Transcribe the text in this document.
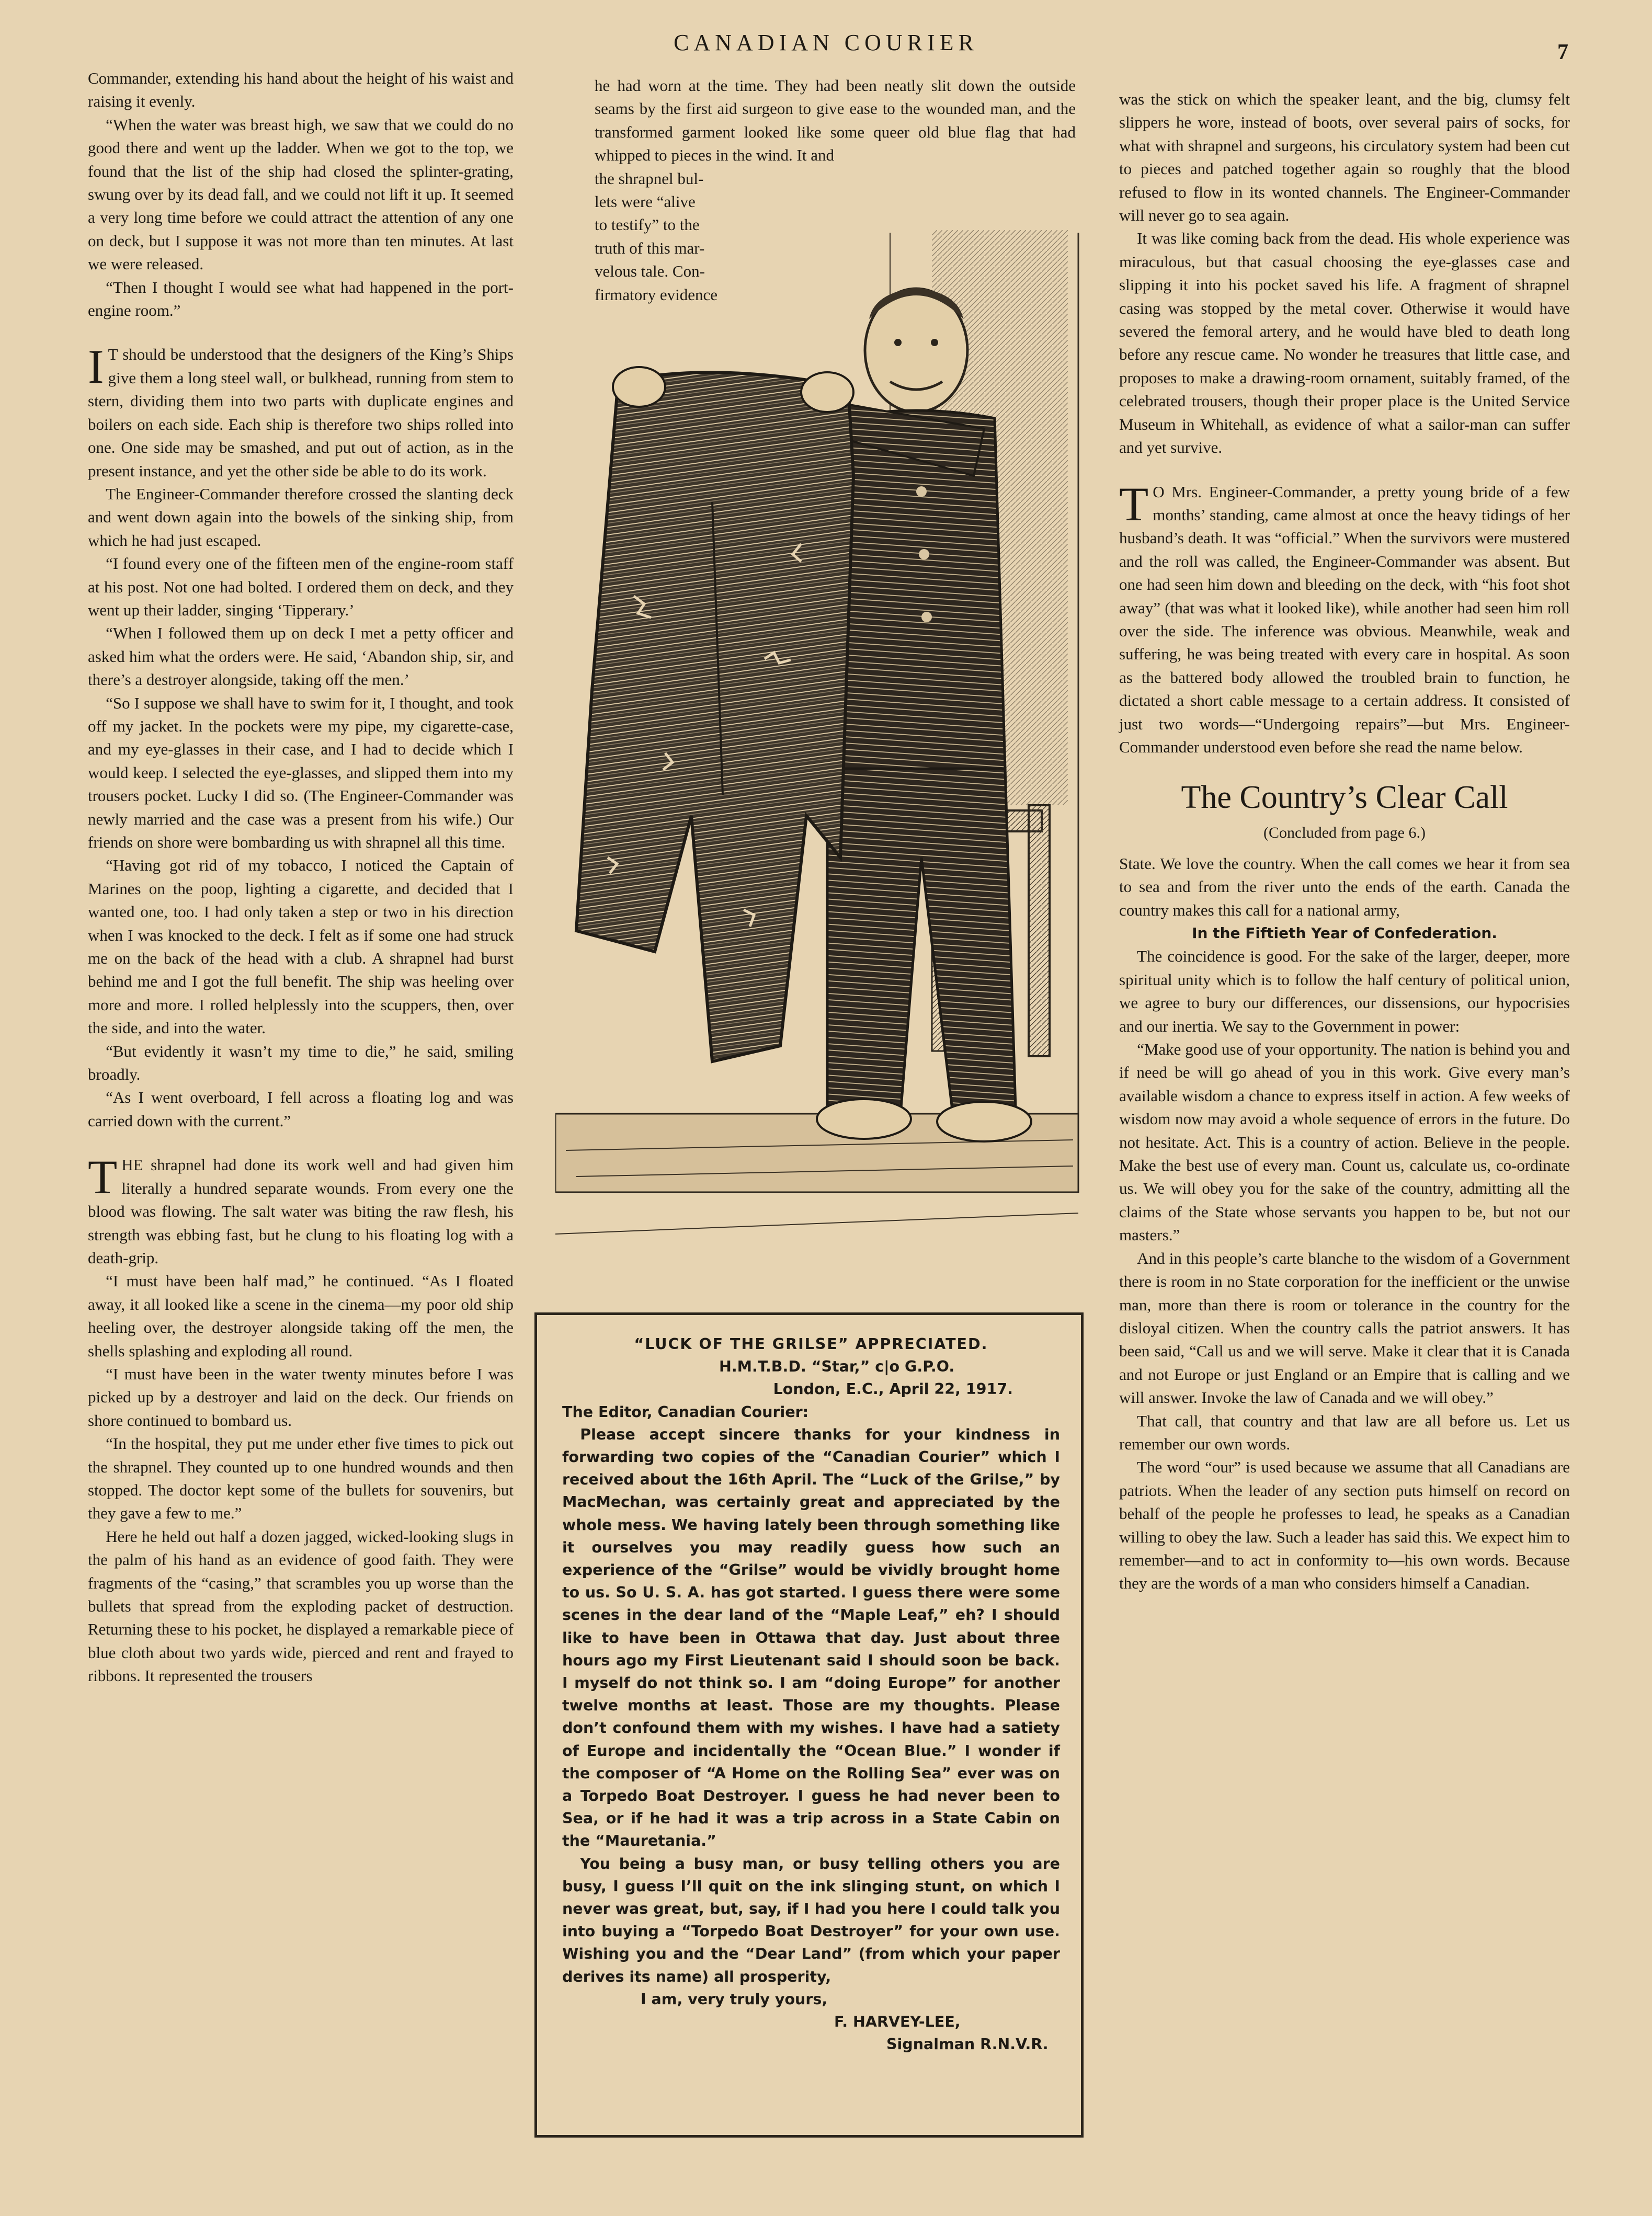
CANADIAN COURIER	7

Commander, extending his hand about the height of his waist and raising it evenly.

“When the water was breast high, we saw that we could do no good there and went up the ladder. When we got to the top, we found that the list of the ship had closed the splinter-grating, swung over by its dead fall, and we could not lift it up. It seemed a very long time before we could attract the attention of any one on deck, but I suppose it was not more than ten minutes. At last we were released.

“Then I thought I would see what had happened in the port-engine room.”

I T should be understood that the designers of the King’s Ships give them a long steel wall, or bulkhead, running from stem to stern, dividing them into two parts with duplicate engines and boilers on each side. Each ship is therefore two ships rolled into one. One side may be smashed, and put out of action, as in the present instance, and yet the other side be able to do its work.

The Engineer-Commander therefore crossed the slanting deck and went down again into the bowels of the sinking ship, from which he had just escaped.

“I found every one of the fifteen men of the engine-room staff at his post. Not one had bolted. I ordered them on deck, and they went up their ladder, singing ‘Tipperary.’

“When I followed them up on deck I met a petty officer and asked him what the orders were. He said, ‘Abandon ship, sir, and there’s a destroyer alongside, taking off the men.’

“So I suppose we shall have to swim for it, I thought, and took off my jacket. In the pockets were my pipe, my cigarette-case, and my eye-glasses in their case, and I had to decide which I would keep. I selected the eye-glasses, and slipped them into my trousers pocket. Lucky I did so. (The Engineer-Commander was newly married and the case was a present from his wife.) Our friends on shore were bombarding us with shrapnel all this time.

“Having got rid of my tobacco, I noticed the Captain of Marines on the poop, lighting a cigarette, and decided that I wanted one, too. I had only taken a step or two in his direction when I was knocked to the deck. I felt as if some one had struck me on the back of the head with a club. A shrapnel had burst behind me and I got the full benefit. The ship was heeling over more and more. I rolled helplessly into the scuppers, then, over the side, and into the water.

“But evidently it wasn’t my time to die,” he said, smiling broadly.

“As I went overboard, I fell across a floating log and was carried down with the current.”

THE shrapnel had done its work well and had given him literally a hundred separate wounds. From every one the blood was flowing. The salt water was biting the raw flesh, his strength was ebbing fast, but he clung to his floating log with a death-grip.

“I must have been half mad,” he continued. “As I floated away, it all looked like a scene in the cinema—my poor old ship heeling over, the destroyer alongside taking off the men, the shells splashing and exploding all round.

“I must have been in the water twenty minutes before I was picked up by a destroyer and laid on the deck. Our friends on shore continued to bombard us.

“In the hospital, they put me under ether five times to pick out the shrapnel. They counted up to one hundred wounds and then stopped. The doctor kept some of the bullets for souvenirs, but they gave a few to me.”

Here he held out half a dozen jagged, wicked-looking slugs in the palm of his hand as an evidence of good faith. They were fragments of the “casing,” that scrambles you up worse than the bullets that spread from the exploding packet of destruction. Returning these to his pocket, he displayed a remarkable piece of blue cloth about two yards wide, pierced and rent and frayed to ribbons. It represented the trousers

he had worn at the time. They had been neatly slit down the outside seams by the first aid surgeon to give ease to the wounded man, and the transformed garment looked like some queer old blue flag that had whipped to pieces in the wind. It and

the shrapnel bul-
lets were “alive
to testify” to the
truth of this mar-
velous tale. Con-
firmatory evidence
“LUCK OF THE GRILSE” APPRECIATED.
H.M.T.B.D. “Star,” c|o G.P.O.
London, E.C., April 22, 1917.
The Editor, Canadian Courier:

Please accept sincere thanks for your kindness in forwarding two copies of the “Canadian Courier” which I received about the 16th April. The “Luck of the Grilse,” by MacMechan, was certainly great and appreciated by the whole mess. We having lately been through something like it ourselves you may readily guess how such an experience of the “Grilse” would be vividly brought home to us. So U. S. A. has got started. I guess there were some scenes in the dear land of the “Maple Leaf,” eh? I should like to have been in Ottawa that day. Just about three hours ago my First Lieutenant said I should soon be back. I myself do not think so. I am “doing Europe” for another twelve months at least. Those are my thoughts. Please don’t confound them with my wishes. I have had a satiety of Europe and incidentally the “Ocean Blue.” I wonder if the composer of “A Home on the Rolling Sea” ever was on a Torpedo Boat Destroyer. I guess he had never been to Sea, or if he had it was a trip across in a State Cabin on the “Mauretania.”

You being a busy man, or busy telling others you are busy, I guess I’ll quit on the ink slinging stunt, on which I never was great, but, say, if I had you here I could talk you into buying a “Torpedo Boat Destroyer” for your own use. Wishing you and the “Dear Land” (from which your paper derives its name) all prosperity,

I am, very truly yours,
F. HARVEY-LEE,
Signalman R.N.V.R.

was the stick on which the speaker leant, and the big, clumsy felt slippers he wore, instead of boots, over several pairs of socks, for what with shrapnel and surgeons, his circulatory system had been cut to pieces and patched together again so roughly that the blood refused to flow in its wonted channels. The Engineer-Commander will never go to sea again.

It was like coming back from the dead. His whole experience was miraculous, but that casual choosing the eye-glasses case and slipping it into his pocket saved his life. A fragment of shrapnel casing was stopped by the metal cover. Otherwise it would have severed the femoral artery, and he would have bled to death long before any rescue came. No wonder he treasures that little case, and proposes to make a drawing-room ornament, suitably framed, of the celebrated trousers, though their proper place is the United Service Museum in Whitehall, as evidence of what a sailor-man can suffer and yet survive.

T O Mrs. Engineer-Commander, a pretty young bride of a few months’ standing, came almost at once the heavy tidings of her husband’s death. It was “official.” When the survivors were mustered and the roll was called, the Engineer-Commander was absent. But one had seen him down and bleeding on the deck, with “his foot shot away” (that was what it looked like), while another had seen him roll over the side. The inference was obvious. Meanwhile, weak and suffering, he was being treated with every care in hospital. As soon as the battered body allowed the troubled brain to function, he dictated a short cable message to a certain address. It consisted of just two words—“Undergoing repairs”—but Mrs. Engineer-Commander understood even before she read the name below.

The Country’s Clear Call
(Concluded from page 6.)

State. We love the country. When the call comes we hear it from sea to sea and from the river unto the ends of the earth. Canada the country makes this call for a national army,

In the Fiftieth Year of Confederation.

The coincidence is good. For the sake of the larger, deeper, more spiritual unity which is to follow the half century of political union, we agree to bury our differences, our dissensions, our hypocrisies and our inertia. We say to the Government in power:

“Make good use of your opportunity. The nation is behind you and if need be will go ahead of you in this work. Give every man’s available wisdom a chance to express itself in action. A few weeks of wisdom now may avoid a whole sequence of errors in the future. Do not hesitate. Act. This is a country of action. Believe in the people. Make the best use of every man. Count us, calculate us, co-ordinate us. We will obey you for the sake of the country, admitting all the claims of the State whose servants you happen to be, but not our masters.”

And in this people’s carte blanche to the wisdom of a Government there is room in no State corporation for the inefficient or the unwise man, more than there is room or tolerance in the country for the disloyal citizen. When the country calls the patriot answers. It has been said, “Call us and we will serve. Make it clear that it is Canada and not Europe or just England or an Empire that is calling and we will answer. Invoke the law of Canada and we will obey.”

That call, that country and that law are all before us. Let us remember our own words.

The word “our” is used because we assume that all Canadians are patriots. When the leader of any section puts himself on record on behalf of the people he professes to lead, he speaks as a Canadian willing to obey the law. Such a leader has said this. We expect him to remember—and to act in conformity to—his own words. Because they are the words of a man who considers himself a Canadian.
